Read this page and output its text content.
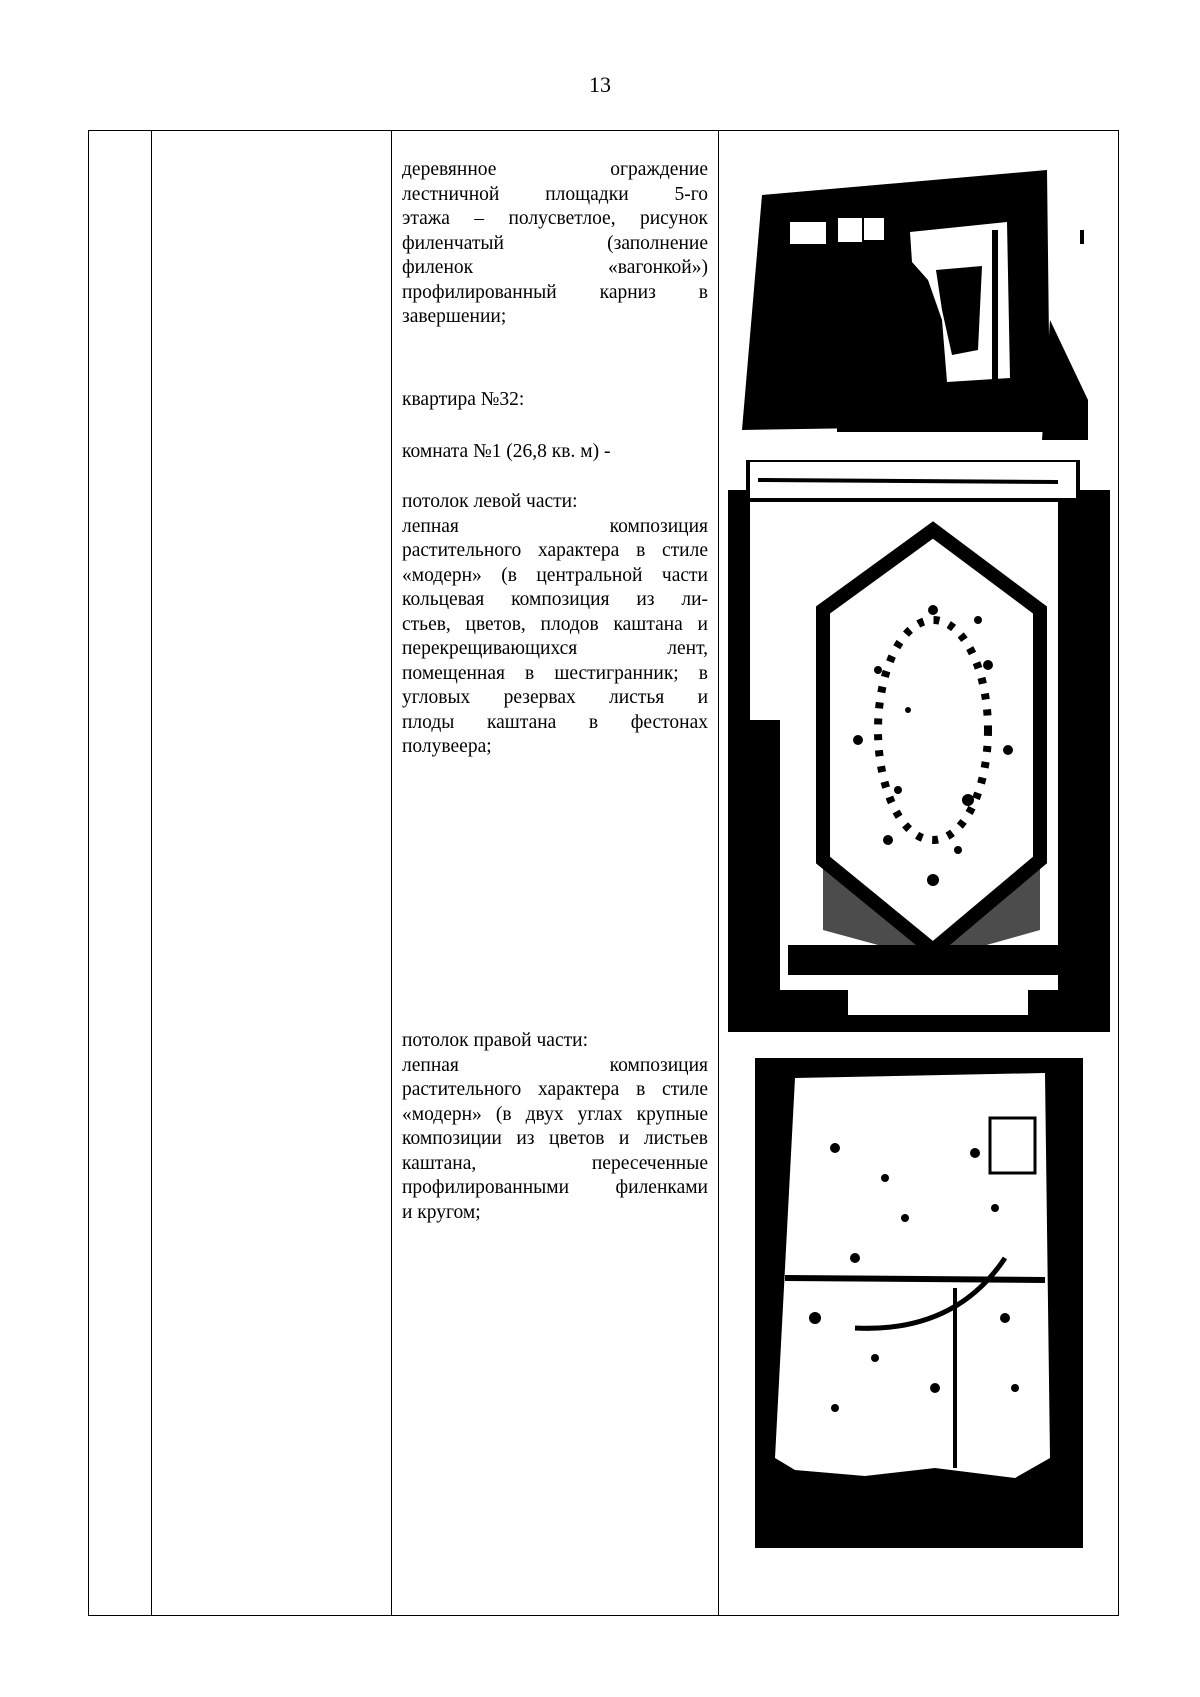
13

деревянное ограждение

лестничной площадки 5-го

этажа – полусветлое, рисунок

филенчатый (заполнение

филенок «вагонкой»)

профилированный карниз в

завершении;

квартира №32:
комната №1 (26,8 кв. м) -

потолок левой части:

лепная композиция

растительного характера в стиле

«модерн» (в центральной части

кольцевая композиция из ли-

стьев, цветов, плодов каштана и

перекрещивающихся лент,

помещенная в шестигранник; в

угловых резервах листья и

плоды каштана в фестонах

полувеера;

потолок правой части:

лепная композиция

растительного характера в стиле

«модерн» (в двух углах крупные

композиции из цветов и листьев

каштана, пересеченные

профилированными филенками

и кругом;
